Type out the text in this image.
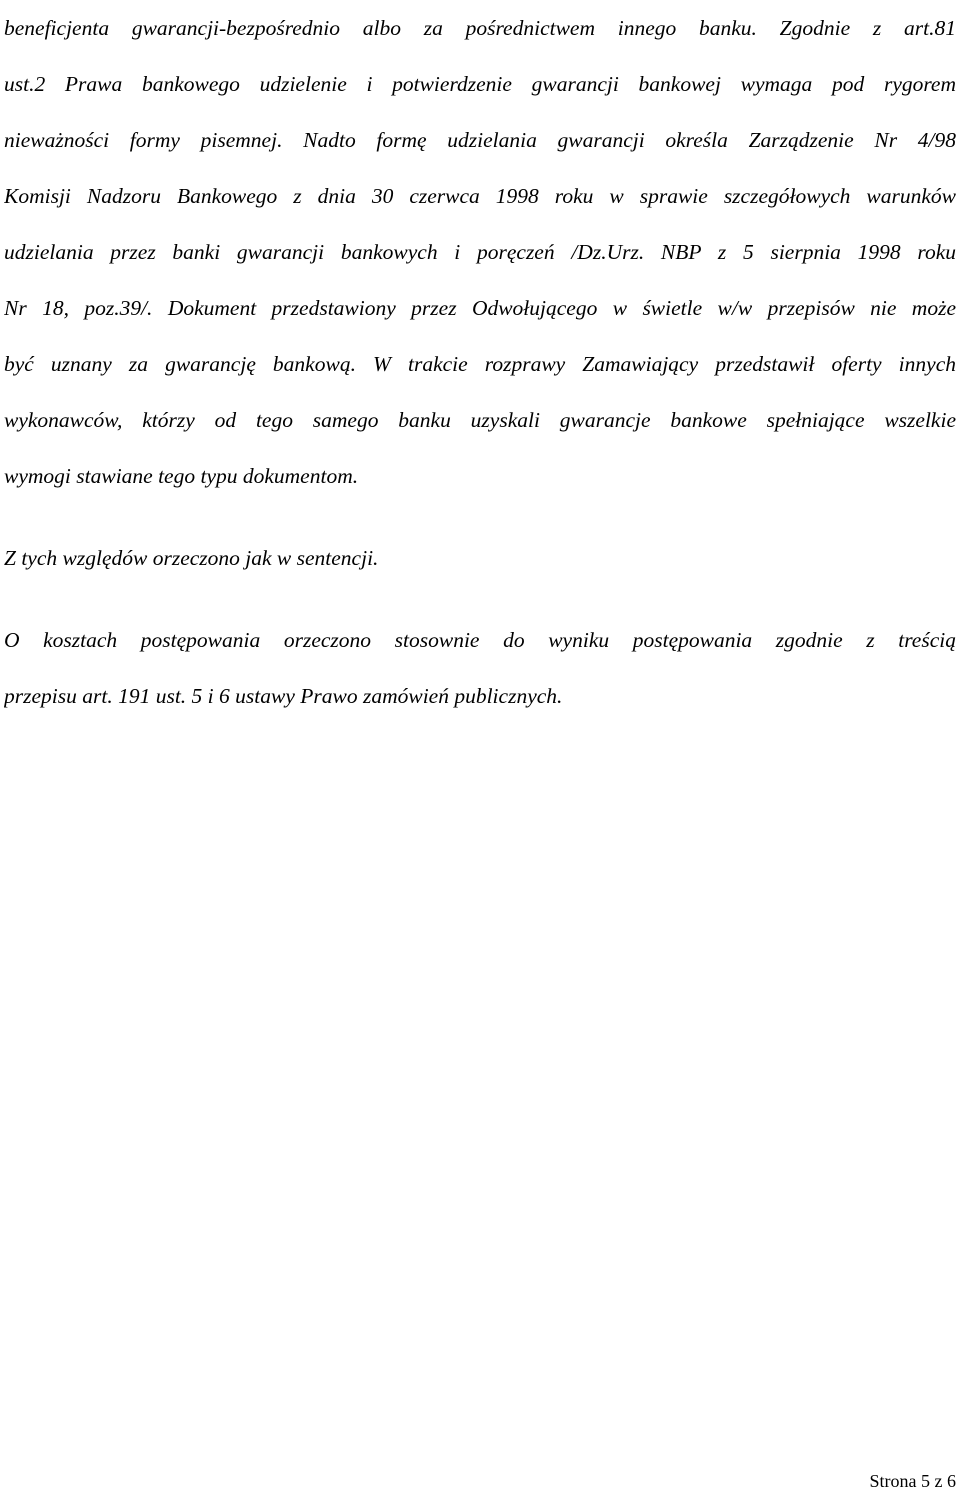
beneficjenta gwarancji-bezpośrednio albo za pośrednictwem innego banku. Zgodnie z art.81
ust.2 Prawa bankowego udzielenie i potwierdzenie gwarancji bankowej wymaga pod rygorem
nieważności formy pisemnej. Nadto formę udzielania gwarancji określa Zarządzenie Nr 4/98
Komisji Nadzoru Bankowego z dnia 30 czerwca 1998 roku w sprawie szczegółowych warunków
udzielania przez banki gwarancji bankowych i poręczeń /Dz.Urz. NBP z 5 sierpnia 1998 roku
Nr 18, poz.39/. Dokument przedstawiony przez Odwołującego w świetle w/w przepisów nie może
być uznany za gwarancję bankową. W trakcie rozprawy Zamawiający przedstawił oferty innych
wykonawców, którzy od tego samego banku uzyskali gwarancje bankowe spełniające wszelkie
wymogi stawiane tego typu dokumentom.
Z tych względów orzeczono jak w sentencji.
O kosztach postępowania orzeczono stosownie do wyniku postępowania zgodnie z treścią
przepisu art. 191 ust. 5 i 6 ustawy Prawo zamówień publicznych.
Strona 5 z 6
